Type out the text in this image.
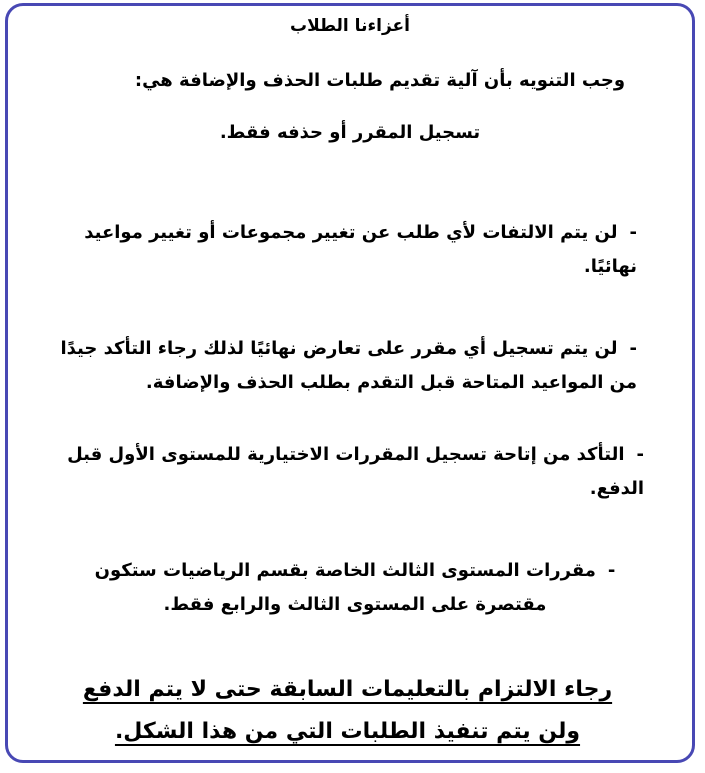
أعزاءنا الطلاب
وجب التنويه بأن آلية تقديم طلبات الحذف والإضافة هي:
تسجيل المقرر أو حذفه فقط.
-لن يتم الالتفات لأي طلب عن تغيير مجموعات أو تغيير مواعيد نهائيًا.
-لن يتم تسجيل أي مقرر على تعارض نهائيًا لذلك رجاء التأكد جيدًا من المواعيد المتاحة قبل التقدم بطلب الحذف والإضافة.
-التأكد من إتاحة تسجيل المقررات الاختيارية للمستوى الأول قبل الدفع.
-مقررات المستوى الثالث الخاصة بقسم الرياضيات ستكون مقتصرة على المستوى الثالث والرابع فقط.
رجاء الالتزام بالتعليمات السابقة حتى لا يتم الدفع ولن يتم تنفيذ الطلبات التي من هذا الشكل.
